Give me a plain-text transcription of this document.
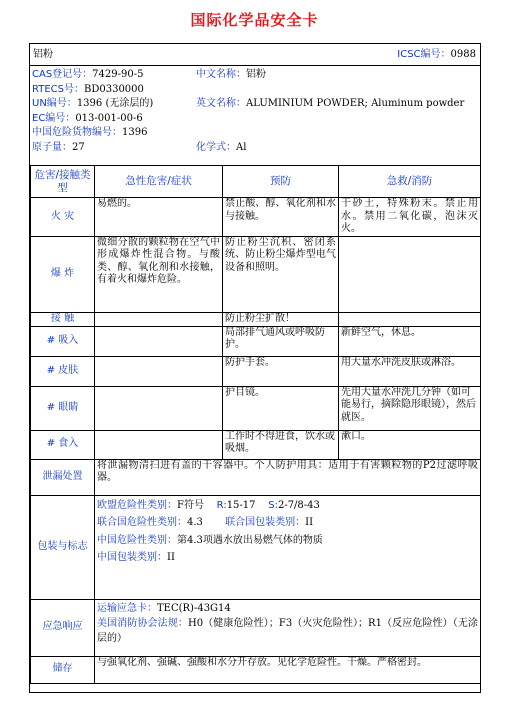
国际化学品安全卡
铝粉	ICSC编号：0988
CAS登记号：7429-90-5
RTECS号：BD0330000
UN编号：1396 (无涂层的)
EC编号：013-001-00-6
中国危险货物编号：1396
原子量：27
中文名称：铝粉
英文名称：ALUMINIUM POWDER; Aluminum powder
化学式：Al
危害/接触类型	急性危害/症状	预防	急救/消防
火 灾	易燃的。	禁止酸、醇、氧化剂和水与接触。	干砂土，特殊粉末。禁止用水。禁用二氧化碳，泡沫灭火。
爆 炸	微细分散的颗粒物在空气中形成爆炸性混合物。与酸类、醇、氧化剂和水接触，有着火和爆炸危险。	防止粉尘沉积、密闭系统、防止粉尘爆炸型电气设备和照明。	
接 触		防止粉尘扩散！	
# 吸入		局部排气通风或呼吸防护。	新鲜空气，休息。
# 皮肤		防护手套。	用大量水冲洗皮肤或淋浴。
# 眼睛		护目镜。	先用大量水冲洗几分钟（如可能易行，摘除隐形眼镜），然后就医。
# 食入		工作时不得进食，饮水或吸烟。	漱口。
泄漏处置	将泄漏物清扫进有盖的干容器中。个人防护用具：适用于有害颗粒物的P2过滤呼吸器。		
包装与标志	欧盟危险性类别：F符号 R:15-17 S:2-7/8-43
联合国危险性类别：4.3 联合国包装类别：II
中国危险性类别：第4.3项遇水放出易燃气体的物质
中国包装类别：II		

应急响应	运输应急卡：TEC(R)-43G14
美国消防协会法规：H0（健康危险性）；F3（火灾危险性）；R1（反应危险性）（无涂层的）		

储存	与强氧化剂、强碱、强酸和水分开存放。见化学危险性。干燥。严格密封。		
